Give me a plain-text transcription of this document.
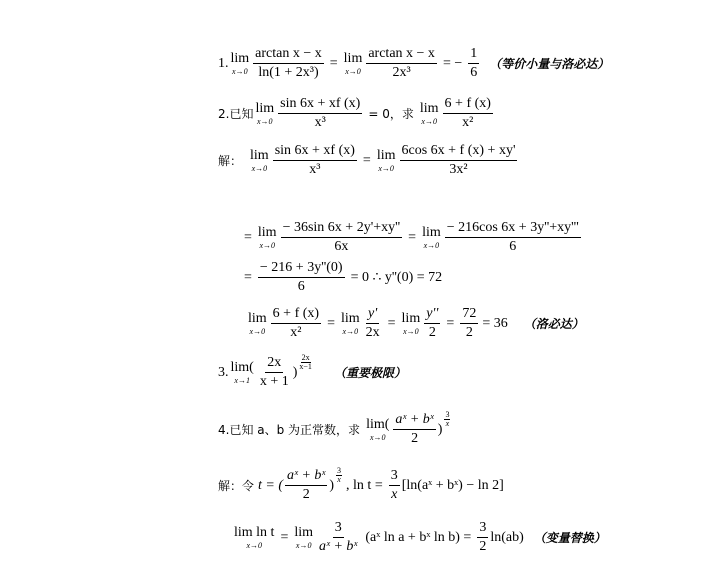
1. lim
$x\to 0 \frac{\text{arctan x − x}}{\text{ln(1 + 2x³)}} = \lim$
$x\to 0 \frac{\text{arctan x − x}}{\text{2x³}}$ = − $\frac{1}{6}$ （等价小量与洛必达）
2.已知 lim
$x\to 0 \frac{\sin 6x + xf (x)}{\text{x³}} = 0$，求 lim
$x\to 0 \frac{6 + f (x)}{\text{x²}}$
解： lim
$x\to 0 \frac{\sin 6x + xf (x)}{\text{x³}} = \lim$
$x\to 0 \frac{6\cos 6x + f (x) + xy'}{\text{3x²}}$
= lim
$x\to 0 \frac{- 36\sin 6x + 2y'+xy''}{6x} = \lim$
$x\to 0 \frac{- 216\cos 6x + 3y''+xy'''}{6}$
= $\frac{- 216 + 3y''(0)}{6} = 0$ ∴ y''(0) = 72
lim
$x\to 0 \frac{6 + f (x)}{\text{x²}} = \lim$
$x\to 0 \frac{y'}{2x} = \lim$
$x\to 0 \frac{y''}{2} = \frac{72}{2} = 36$ （洛必达）
3. lim(
$x\to 1 \frac{2x}{x + 1}$ )
$\frac{2x}{x-1}$
（重要极限）
4.已知 a、b 为正常数，求 lim(
$x\to 0 \frac{\text{aˣ + bˣ}}{2}$ )
$\frac{3}{x}$
解：令 t = ( $\frac{\text{aˣ + bˣ}}{2}$ )
$\frac{3}{x}$
, $\ln t = \frac{3}{x}$ [ln(aˣ + bˣ) − ln 2]
lim ln t
x→0
= lim
$x\to 0 \frac{3}{\text{aˣ + bˣ}}$ (aˣ ln a + bˣ $\ln b) = \frac{3}{2} \ln(ab)$ （变量替换）
